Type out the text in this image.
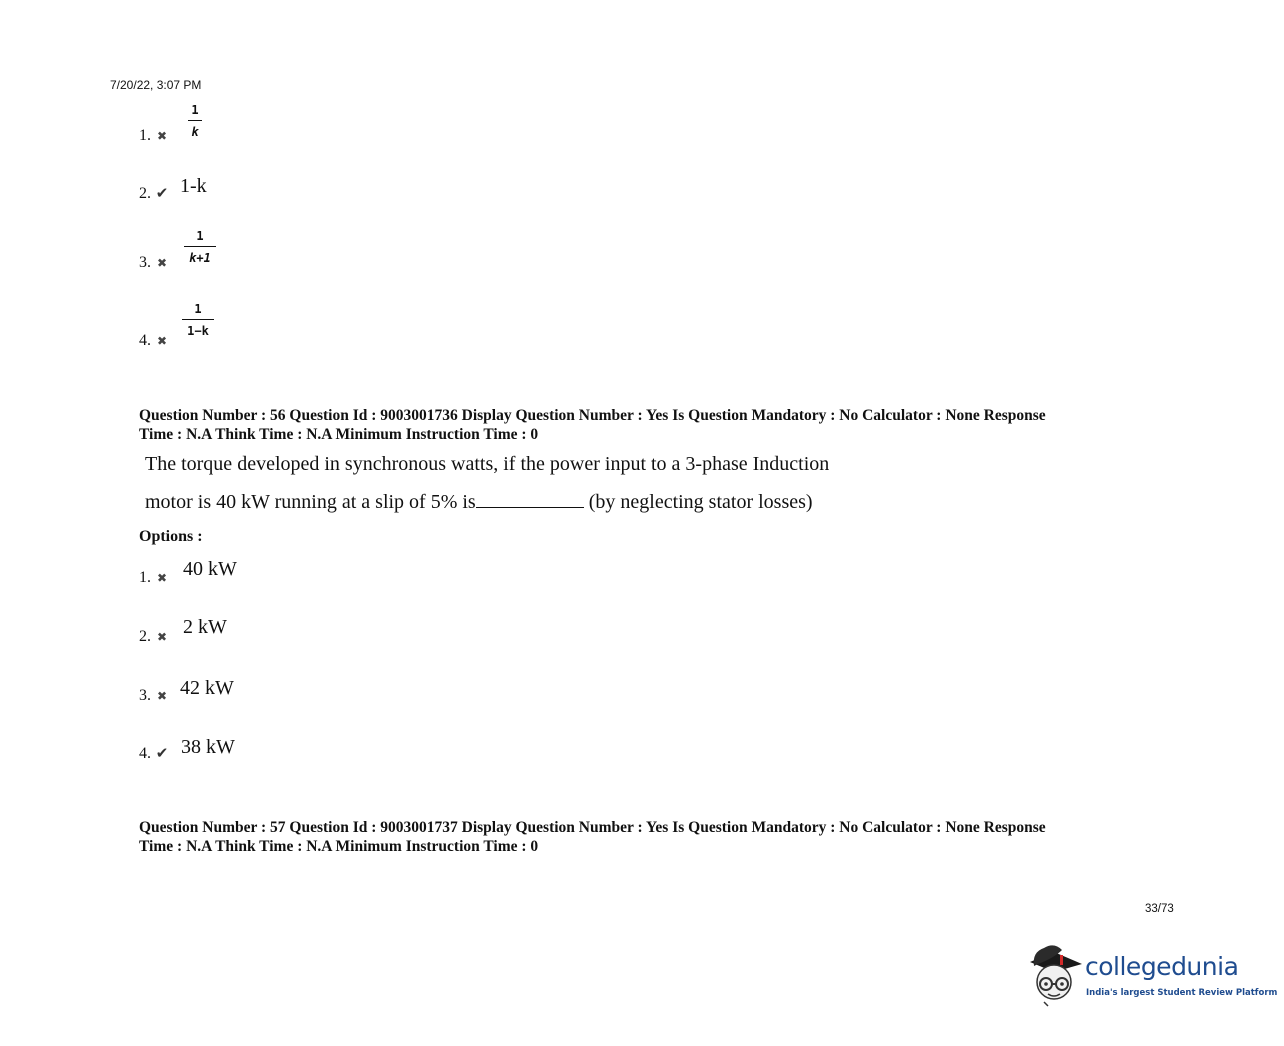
7/20/22, 3:07 PM
1. ✖ $\frac{1}{k}$
2. ✔ 1-k
3. ✖ $\frac{1}{k+1}$
4. ✖
$\frac{1}{1-k}$
Question Number : 56 Question Id : 9003001736 Display Question Number : Yes Is Question Mandatory : No Calculator : None Response
Time : N.A Think Time : N.A Minimum Instruction Time : 0
The torque developed in synchronous watts, if the power input to a 3-phase Induction
motor is 40 kW running at a slip of 5% is	(by neglecting stator losses)
Options :
1. ✖ 40 kW
2. ✖ 2 kW
3. ✖ 42 kW
4. ✔ 38 kW
Question Number : 57 Question Id : 9003001737 Display Question Number : Yes Is Question Mandatory : No Calculator : None Response
Time : N.A Think Time : N.A Minimum Instruction Time : 0
33/73
collegedunia
India's largest Student Review Platform
